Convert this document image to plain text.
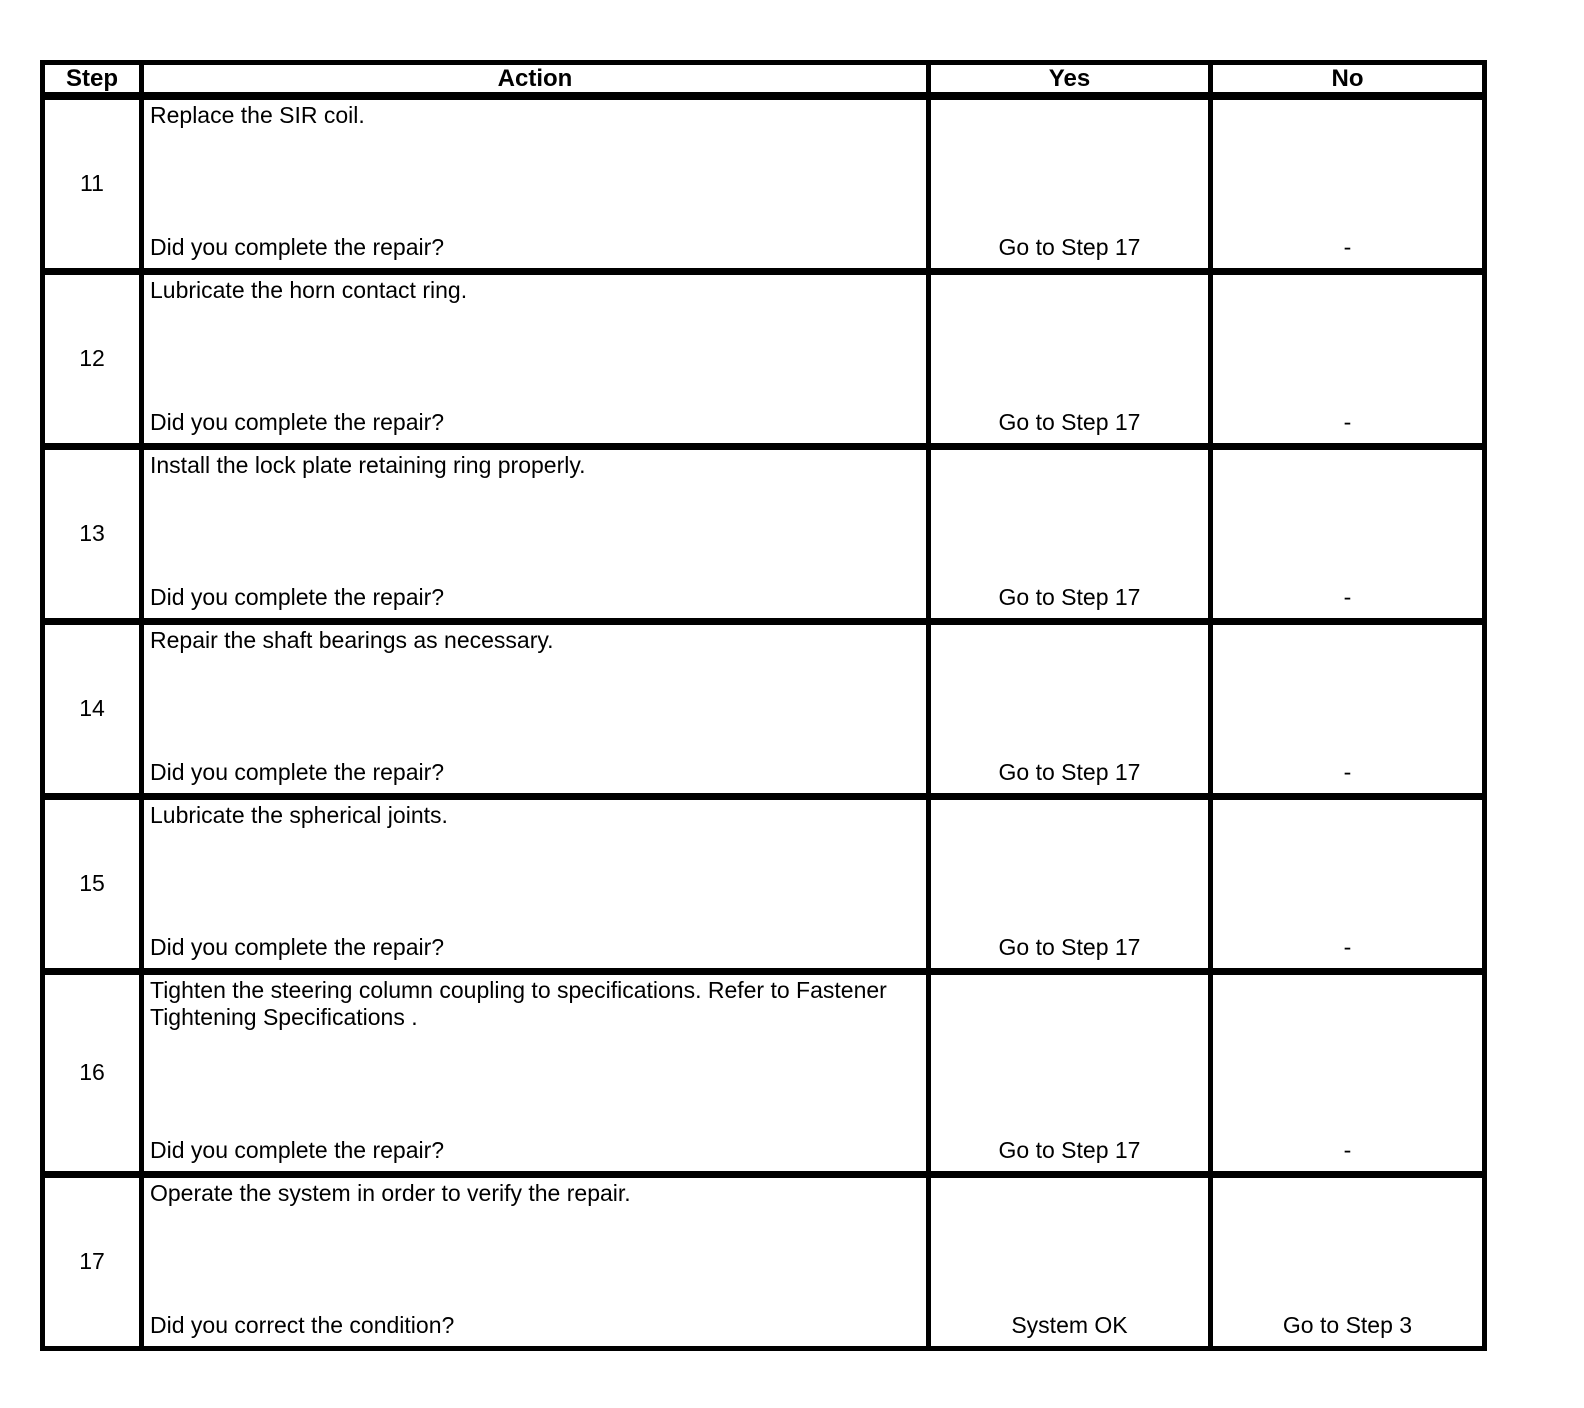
Step	Action	Yes	No
11	Replace the SIR coil.
Did you complete the repair?	Go to Step 17	-

12	Lubricate the horn contact ring.
Did you complete the repair?	Go to Step 17	-

13	Install the lock plate retaining ring properly.
Did you complete the repair?	Go to Step 17	-

14	Repair the shaft bearings as necessary.
Did you complete the repair?	Go to Step 17	-

15	Lubricate the spherical joints.
Did you complete the repair?	Go to Step 17	-

16	Tighten the steering column coupling to specifications. Refer to Fastener Tightening Specifications .
Did you complete the repair?	Go to Step 17	-

17	Operate the system in order to verify the repair.
Did you correct the condition?	System OK	Go to Step 3
